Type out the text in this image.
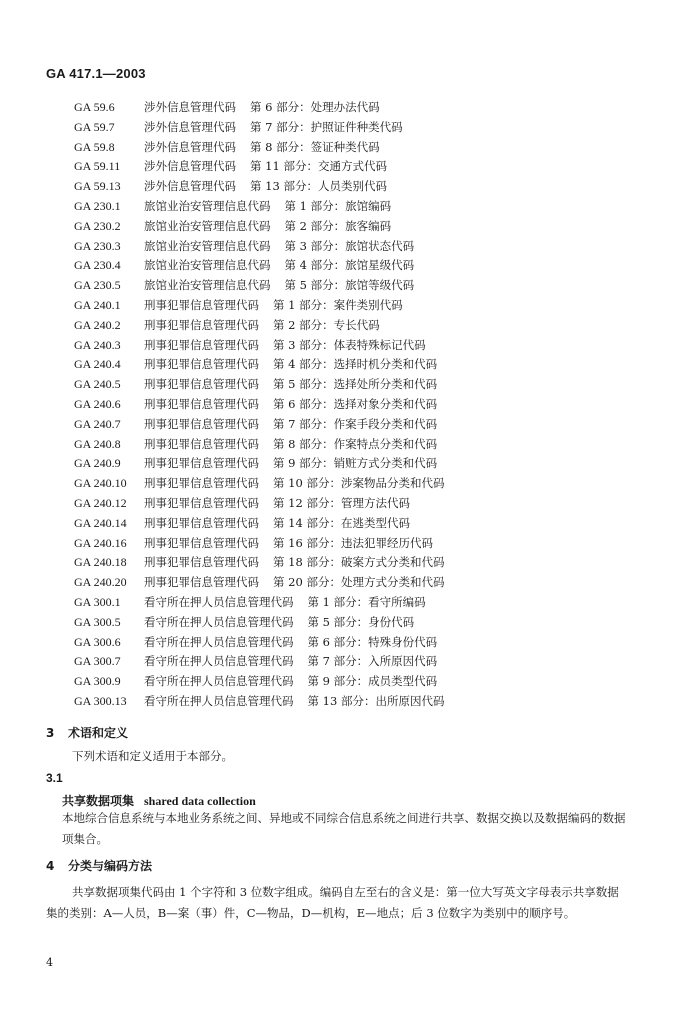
GA 417.1—2003
GA 59.6	涉外信息管理代码 第 6 部分：处理办法代码
GA 59.7	涉外信息管理代码 第 7 部分：护照证件种类代码
GA 59.8	涉外信息管理代码 第 8 部分：签证种类代码
GA 59.11	涉外信息管理代码 第 11 部分：交通方式代码
GA 59.13	涉外信息管理代码 第 13 部分：人员类别代码
GA 230.1	旅馆业治安管理信息代码 第 1 部分：旅馆编码
GA 230.2	旅馆业治安管理信息代码 第 2 部分：旅客编码
GA 230.3	旅馆业治安管理信息代码 第 3 部分：旅馆状态代码
GA 230.4	旅馆业治安管理信息代码 第 4 部分：旅馆星级代码
GA 230.5	旅馆业治安管理信息代码 第 5 部分：旅馆等级代码
GA 240.1	刑事犯罪信息管理代码 第 1 部分：案件类别代码
GA 240.2	刑事犯罪信息管理代码 第 2 部分：专长代码
GA 240.3	刑事犯罪信息管理代码 第 3 部分：体表特殊标记代码
GA 240.4	刑事犯罪信息管理代码 第 4 部分：选择时机分类和代码
GA 240.5	刑事犯罪信息管理代码 第 5 部分：选择处所分类和代码
GA 240.6	刑事犯罪信息管理代码 第 6 部分：选择对象分类和代码
GA 240.7	刑事犯罪信息管理代码 第 7 部分：作案手段分类和代码
GA 240.8	刑事犯罪信息管理代码 第 8 部分：作案特点分类和代码
GA 240.9	刑事犯罪信息管理代码 第 9 部分：销赃方式分类和代码
GA 240.10	刑事犯罪信息管理代码 第 10 部分：涉案物品分类和代码
GA 240.12	刑事犯罪信息管理代码 第 12 部分：管理方法代码
GA 240.14	刑事犯罪信息管理代码 第 14 部分：在逃类型代码
GA 240.16	刑事犯罪信息管理代码 第 16 部分：违法犯罪经历代码
GA 240.18	刑事犯罪信息管理代码 第 18 部分：破案方式分类和代码
GA 240.20	刑事犯罪信息管理代码 第 20 部分：处理方式分类和代码
GA 300.1	看守所在押人员信息管理代码 第 1 部分：看守所编码
GA 300.5	看守所在押人员信息管理代码 第 5 部分：身份代码
GA 300.6	看守所在押人员信息管理代码 第 6 部分：特殊身份代码
GA 300.7	看守所在押人员信息管理代码 第 7 部分：入所原因代码
GA 300.9	看守所在押人员信息管理代码 第 9 部分：成员类型代码
GA 300.13	看守所在押人员信息管理代码 第 13 部分：出所原因代码
3 术语和定义
下列术语和定义适用于本部分。
3.1
共享数据项集 shared data collection
本地综合信息系统与本地业务系统之间、异地或不同综合信息系统之间进行共享、数据交换以及数据编码的数据项集合。
4 分类与编码方法
共享数据项集代码由 1 个字符和 3 位数字组成。编码自左至右的含义是：第一位大写英文字母表示共享数据集的类别：A—人员，B—案（事）件，C—物品，D—机构，E—地点；后 3 位数字为类别中的顺序号。
4
